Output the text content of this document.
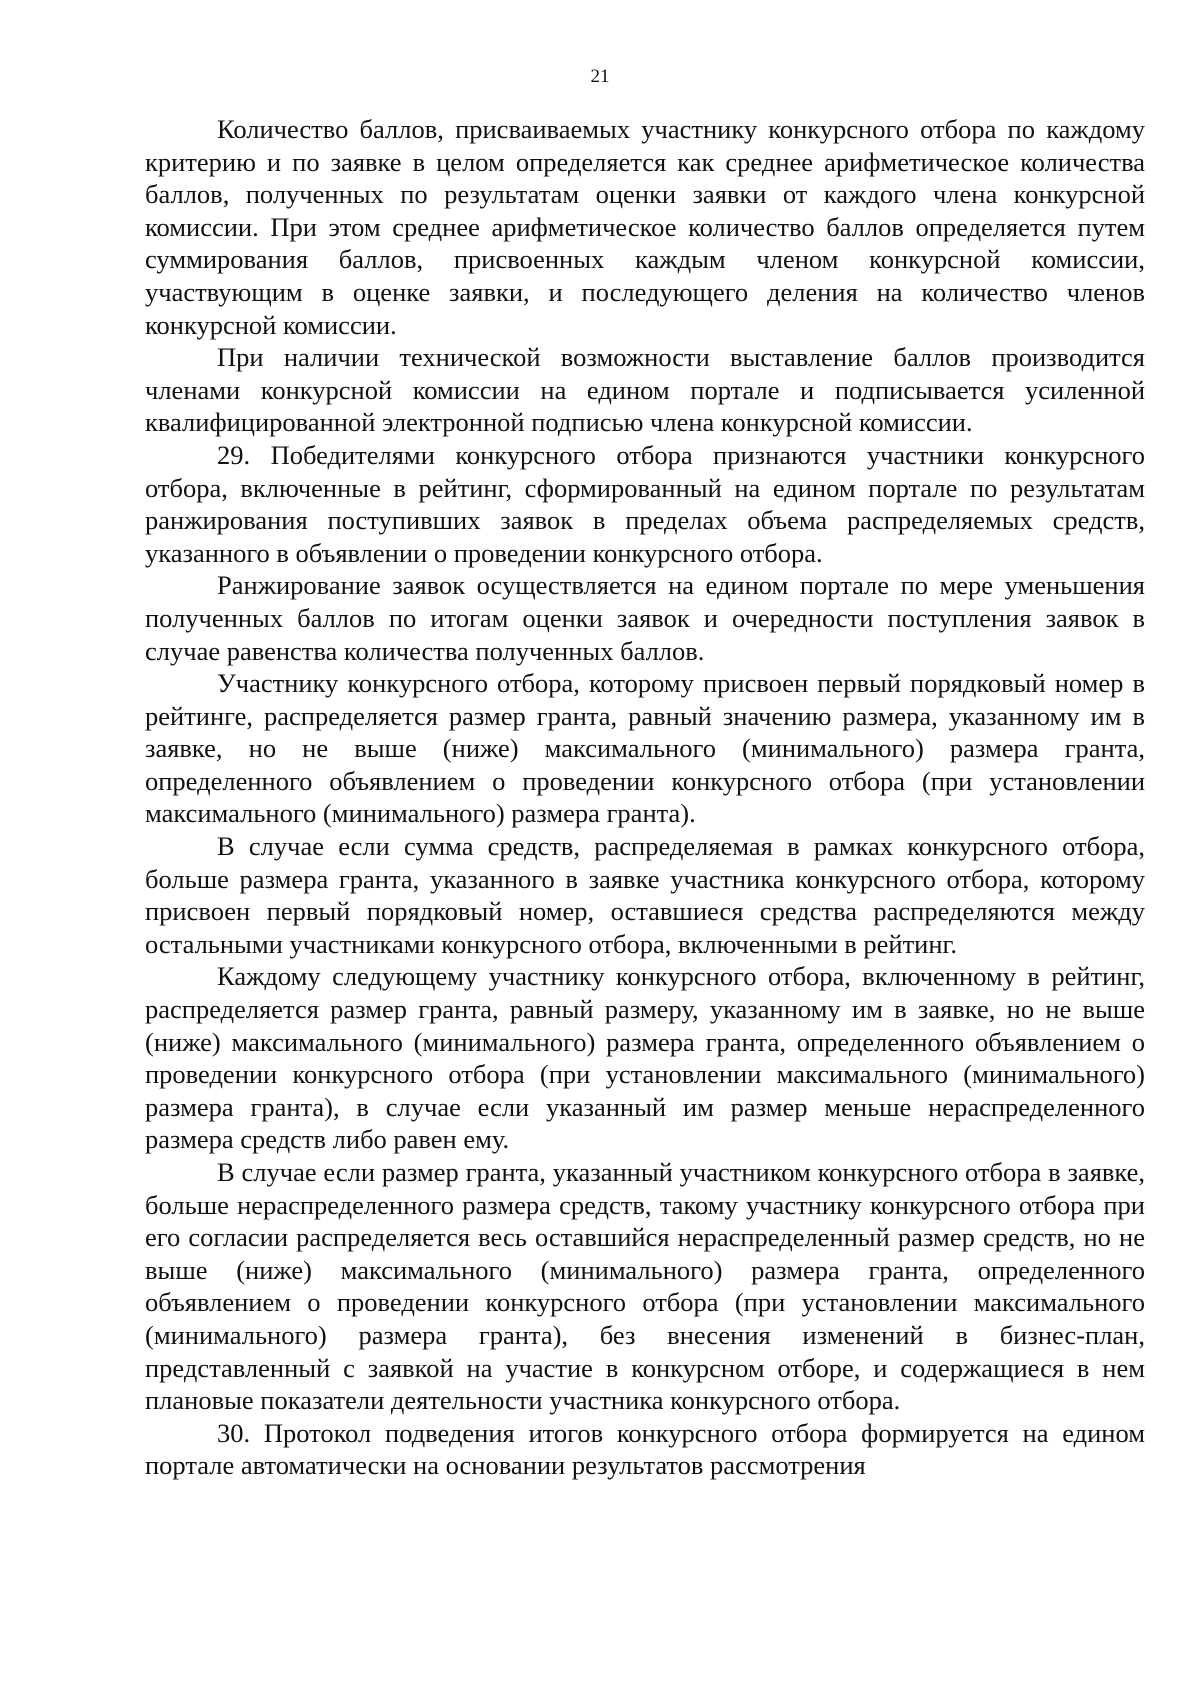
21

Количество баллов, присваиваемых участнику конкурсного отбора по каждому критерию и по заявке в целом определяется как среднее арифметическое количества баллов, полученных по результатам оценки заявки от каждого члена конкурсной комиссии. При этом среднее арифметическое количество баллов определяется путем суммирования баллов, присвоенных каждым членом конкурсной комиссии, участвующим в оценке заявки, и последующего деления на количество членов конкурсной комиссии.

При наличии технической возможности выставление баллов производится членами конкурсной комиссии на едином портале и подписывается усиленной квалифицированной электронной подписью члена конкурсной комиссии.

29. Победителями конкурсного отбора признаются участники конкурсного отбора, включенные в рейтинг, сформированный на едином портале по результатам ранжирования поступивших заявок в пределах объема распределяемых средств, указанного в объявлении о проведении конкурсного отбора.

Ранжирование заявок осуществляется на едином портале по мере уменьшения полученных баллов по итогам оценки заявок и очередности поступления заявок в случае равенства количества полученных баллов.

Участнику конкурсного отбора, которому присвоен первый порядковый номер в рейтинге, распределяется размер гранта, равный значению размера, указанному им в заявке, но не выше (ниже) максимального (минимального) размера гранта, определенного объявлением о проведении конкурсного отбора (при установлении максимального (минимального) размера гранта).

В случае если сумма средств, распределяемая в рамках конкурсного отбора, больше размера гранта, указанного в заявке участника конкурсного отбора, которому присвоен первый порядковый номер, оставшиеся средства распределяются между остальными участниками конкурсного отбора, включенными в рейтинг.

Каждому следующему участнику конкурсного отбора, включенному в рейтинг, распределяется размер гранта, равный размеру, указанному им в заявке, но не выше (ниже) максимального (минимального) размера гранта, определенного объявлением о проведении конкурсного отбора (при установлении максимального (минимального) размера гранта), в случае если указанный им размер меньше нераспределенного размера средств либо равен ему.

В случае если размер гранта, указанный участником конкурсного отбора в заявке, больше нераспределенного размера средств, такому участнику конкурсного отбора при его согласии распределяется весь оставшийся нераспределенный размер средств, но не выше (ниже) максимального (минимального) размера гранта, определенного объявлением о проведении конкурсного отбора (при установлении максимального (минимального) размера гранта), без внесения изменений в бизнес-план, представленный с заявкой на участие в конкурсном отборе, и содержащиеся в нем плановые показатели деятельности участника конкурсного отбора.

30. Протокол подведения итогов конкурсного отбора формируется на едином портале автоматически на основании результатов рассмотрения
